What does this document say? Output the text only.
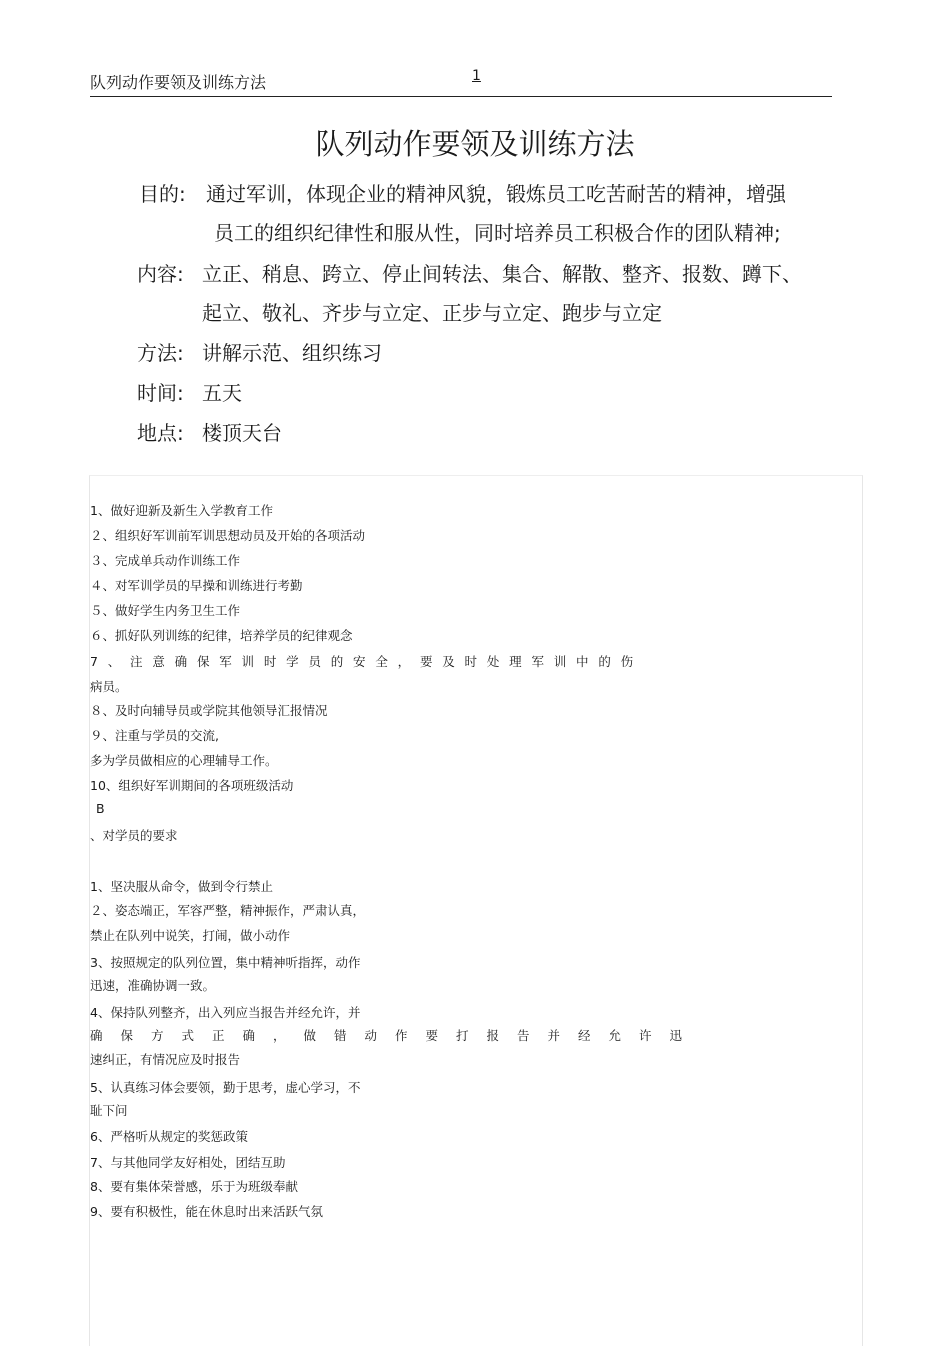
队列动作要领及训练方法	1
队列动作要领及训练方法
目的: 通过军训，体现企业的精神风貌，锻炼员工吃苦耐苦的精神，增强
员工的组织纪律性和服从性，同时培养员工积极合作的团队精神;
内容: 立正、稍息、跨立、停止间转法、集合、解散、整齐、报数、蹲下、
起立、敬礼、齐步与立定、正步与立定、跑步与立定
方法: 讲解示范、组织练习
时间: 五天
地点: 楼顶天台
1、做好迎新及新生入学教育工作
２、组织好军训前军训思想动员及开始的各项活动
３、完成单兵动作训练工作
４、对军训学员的早操和训练进行考勤
５、做好学生内务卫生工作
６、抓好队列训练的纪律，培养学员的纪律观念
7、注意确保军训时学员的安全，要及时处理军训中的伤
病员。
８、及时向辅导员或学院其他领导汇报情况
９、注重与学员的交流,
多为学员做相应的心理辅导工作。
10、组织好军训期间的各项班级活动
B
、对学员的要求
1、坚决服从命令，做到令行禁止
２、姿态端正，军容严整，精神振作，严肃认真，
禁止在队列中说笑，打闹，做小动作
3、按照规定的队列位置，集中精神听指挥，动作
迅速，准确协调一致。
4、保持队列整齐，出入列应当报告并经允许，并
确保方式正确，做错动作要打报告并经允许迅
速纠正，有情况应及时报告
5、认真练习体会要领，勤于思考，虚心学习，不
耻下问
6、严格听从规定的奖惩政策
7、与其他同学友好相处，团结互助
8、要有集体荣誉感，乐于为班级奉献
9、要有积极性，能在休息时出来活跃气氛
